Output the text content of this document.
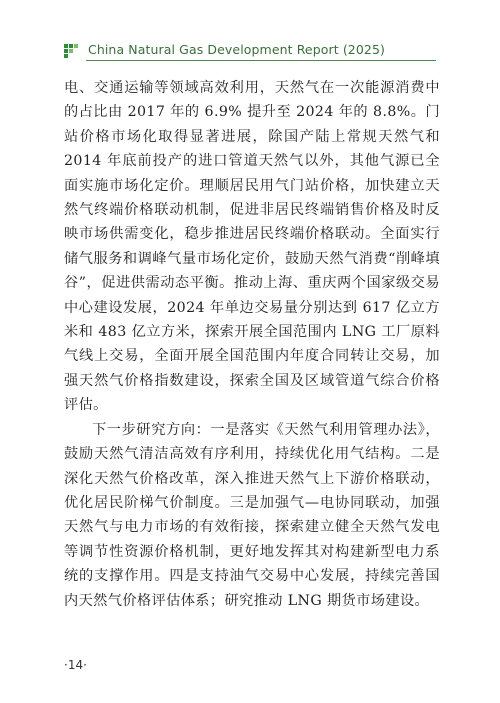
China Natural Gas Development Report (2025)

电、交通运输等领域高效利用，天然气在一次能源消费中的占比由 2017 年的 6.9% 提升至 2024 年的 8.8%。门站价格市场化取得显著进展，除国产陆上常规天然气和 2014 年底前投产的进口管道天然气以外，其他气源已全面实施市场化定价。理顺居民用气门站价格，加快建立天然气终端价格联动机制，促进非居民终端销售价格及时反映市场供需变化，稳步推进居民终端价格联动。全面实行储气服务和调峰气量市场化定价，鼓励天然气消费“削峰填谷”，促进供需动态平衡。推动上海、重庆两个国家级交易中心建设发展，2024 年单边交易量分别达到 617 亿立方米和 483 亿立方米，探索开展全国范围内 LNG 工厂原料气线上交易，全面开展全国范围内年度合同转让交易，加强天然气价格指数建设，探索全国及区域管道气综合价格评估。

下一步研究方向：一是落实《天然气利用管理办法》，鼓励天然气清洁高效有序利用，持续优化用气结构。二是深化天然气价格改革，深入推进天然气上下游价格联动，优化居民阶梯气价制度。三是加强气—电协同联动，加强天然气与电力市场的有效衔接，探索建立健全天然气发电等调节性资源价格机制，更好地发挥其对构建新型电力系统的支撑作用。四是支持油气交易中心发展，持续完善国内天然气价格评估体系；研究推动 LNG 期货市场建设。

·14·
